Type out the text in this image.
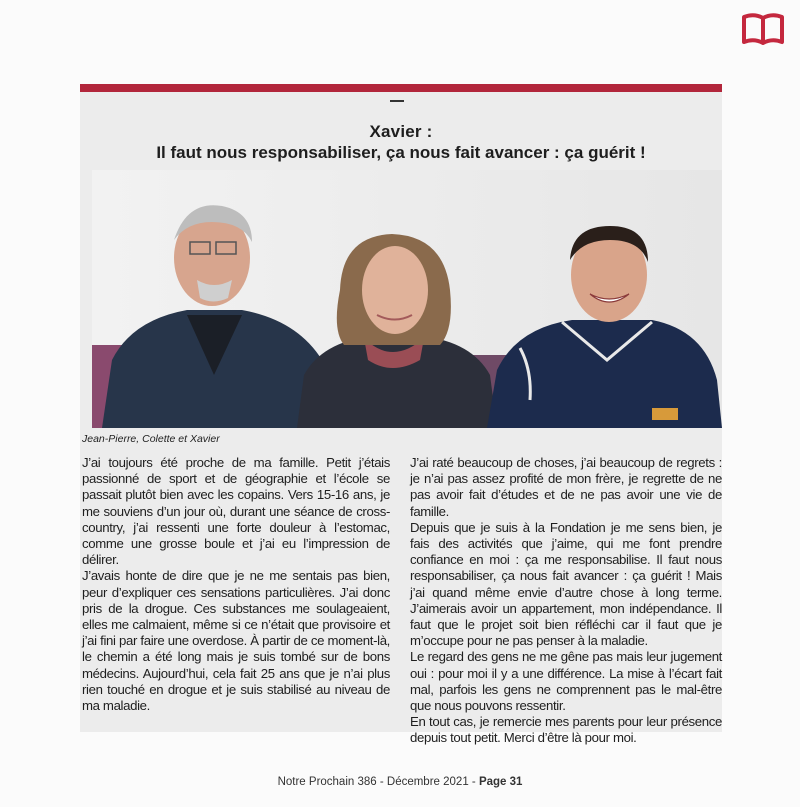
Xavier :
Il faut nous responsabiliser, ça nous fait avancer : ça guérit !
Jean-Pierre, Colette et Xavier

J’ai toujours été proche de ma famille. Petit j’étais passionné de sport et de géographie et l’école se passait plutôt bien avec les copains. Vers 15-16 ans, je me souviens d’un jour où, durant une séance de cross-country, j’ai ressenti une forte douleur à l’estomac, comme une grosse boule et j’ai eu l’impression de délirer.

J’avais honte de dire que je ne me sentais pas bien, peur d’expliquer ces sensations particulières. J’ai donc pris de la drogue. Ces substances me soulageaient, elles me calmaient, même si ce n’était que provisoire et j’ai fini par faire une overdose. À partir de ce moment-là, le chemin a été long mais je suis tombé sur de bons médecins. Aujourd’hui, cela fait 25 ans que je n’ai plus rien touché en drogue et je suis stabilisé au niveau de ma maladie.

J’ai raté beaucoup de choses, j’ai beaucoup de regrets : je n’ai pas assez profité de mon frère, je regrette de ne pas avoir fait d’études et de ne pas avoir une vie de famille.

Depuis que je suis à la Fondation je me sens bien, je fais des activités que j’aime, qui me font prendre confiance en moi : ça me responsabilise. Il faut nous responsabiliser, ça nous fait avancer : ça guérit ! Mais j’ai quand même envie d’autre chose à long terme. J’aimerais avoir un appartement, mon indépendance. Il faut que le projet soit bien réfléchi car il faut que je m’occupe pour ne pas penser à la maladie.

Le regard des gens ne me gêne pas mais leur jugement oui : pour moi il y a une différence. La mise à l’écart fait mal, parfois les gens ne comprennent pas le mal-être que nous pouvons ressentir.

En tout cas, je remercie mes parents pour leur présence depuis tout petit. Merci d’être là pour moi.

Notre Prochain 386 - Décembre 2021 - Page 31
